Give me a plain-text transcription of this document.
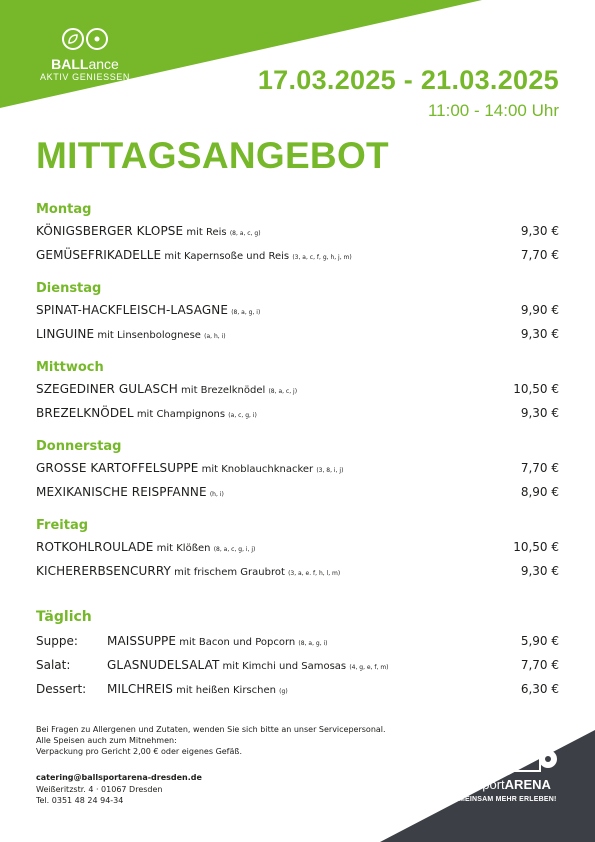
BALLance
AKTIV GENIESSEN	17.03.2025 - 21.03.2025
11:00 - 14:00 Uhr
MITTAGSANGEBOT
Montag
KÖNIGSBERGER KLOPSE mit Reis (8, a, c, g)	9,30 €
GEMÜSEFRIKADELLE mit Kapernsoße und Reis (3, a, c, f, g, h, j, m)	7,70 €
Dienstag
SPINAT-HACKFLEISCH-LASAGNE (8, a, g, i)	9,90 €
LINGUINE mit Linsenbolognese (a, h, i)	9,30 €
Mittwoch
SZEGEDINER GULASCH mit Brezelknödel (8, a, c, j)	10,50 €
BREZELKNÖDEL mit Champignons (a, c, g, i)	9,30 €
Donnerstag
GROSSE KARTOFFELSUPPE mit Knoblauchknacker (3, 8, i, j)	7,70 €
MEXIKANISCHE REISPFANNE (h, i)	8,90 €
Freitag
ROTKOHLROULADE mit Klößen (8, a, c, g, i, j)	10,50 €
KICHERERBSENCURRY mit frischem Graubrot (3, a, e. f, h, l, m)	9,30 €
Täglich
Suppe:	MAISSUPPE mit Bacon und Popcorn (8, a, g, i)	5,90 €
Salat:	GLASNUDELSALAT mit Kimchi und Samosas (4, g, e, f, m)	7,70 €
Dessert:	MILCHREIS mit heißen Kirschen (g)	6,30 €
Bei Fragen zu Allergenen und Zutaten, wenden Sie sich bitte an unser Servicepersonal.
Alle Speisen auch zum Mitnehmen:
Verpackung pro Gericht 2,00 € oder eigenes Gefäß.
catering@ballsportarena-dresden.de
Weißeritzstr. 4 · 01067 Dresden
Tel. 0351 48 24 94-34
BallsportARENA
GEMEINSAM MEHR ERLEBEN!
